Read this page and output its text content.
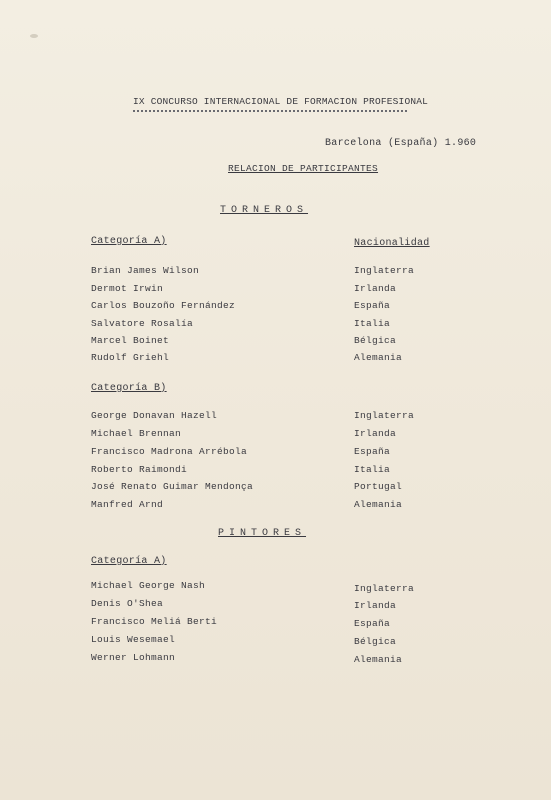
IX CONCURSO INTERNACIONAL DE FORMACION PROFESIONAL
Barcelona (España) 1.960
RELACION DE PARTICIPANTES
TORNEROS
Categoría A)	Nacionalidad
Brian James Wilson	Inglaterra
Dermot Irwin	Irlanda
Carlos Bouzoño Fernández	España
Salvatore Rosalía	Italia
Marcel Boinet	Bélgica
Rudolf Griehl	Alemania
Categoría B)
George Donavan Hazell	Inglaterra
Michael Brennan	Irlanda
Francisco Madrona Arrébola	España
Roberto Raimondi	Italia
José Renato Guimar Mendonça	Portugal
Manfred Arnd	Alemania
PINTORES
Categoría A)
Michael George Nash	Inglaterra
Denis O'Shea	Irlanda
Francisco Meliá Berti	España
Louis Wesemael	Bélgica
Werner Lohmann	Alemania
